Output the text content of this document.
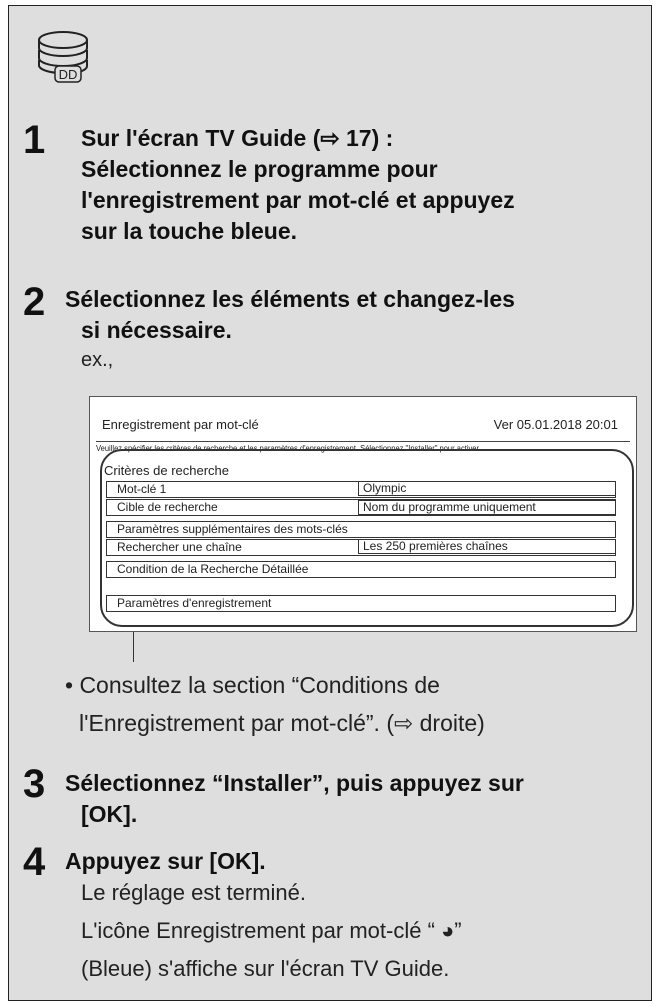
DD
1 Sur l'écran TV Guide (⇨ 17) :
Sélectionnez le programme pour
l'enregistrement par mot-clé et appuyez
sur la touche bleue.
2 Sélectionnez les éléments et changez-les
si nécessaire.
ex.,
Enregistrement par mot-clé	Ver 05.01.2018 20:01
Veuillez spécifier les critères de recherche et les paramètres d'enregistrement. Sélectionnez "Installer" pour activer.
Critères de recherche
Mot-clé 1	Olympic
Cible de recherche	Nom du programme uniquement
Paramètres supplémentaires des mots-clés
Rechercher une chaîne	Les 250 premières chaînes
Condition de la Recherche Détaillée
Paramètres d'enregistrement
• Consultez la section “Conditions de
l'Enregistrement par mot-clé”. (⇨ droite)
3 Sélectionnez “Installer”, puis appuyez sur
[OK].
4 Appuyez sur [OK].
Le réglage est terminé.
L'icône Enregistrement par mot-clé “ ◕”
(Bleue) s'affiche sur l'écran TV Guide.
